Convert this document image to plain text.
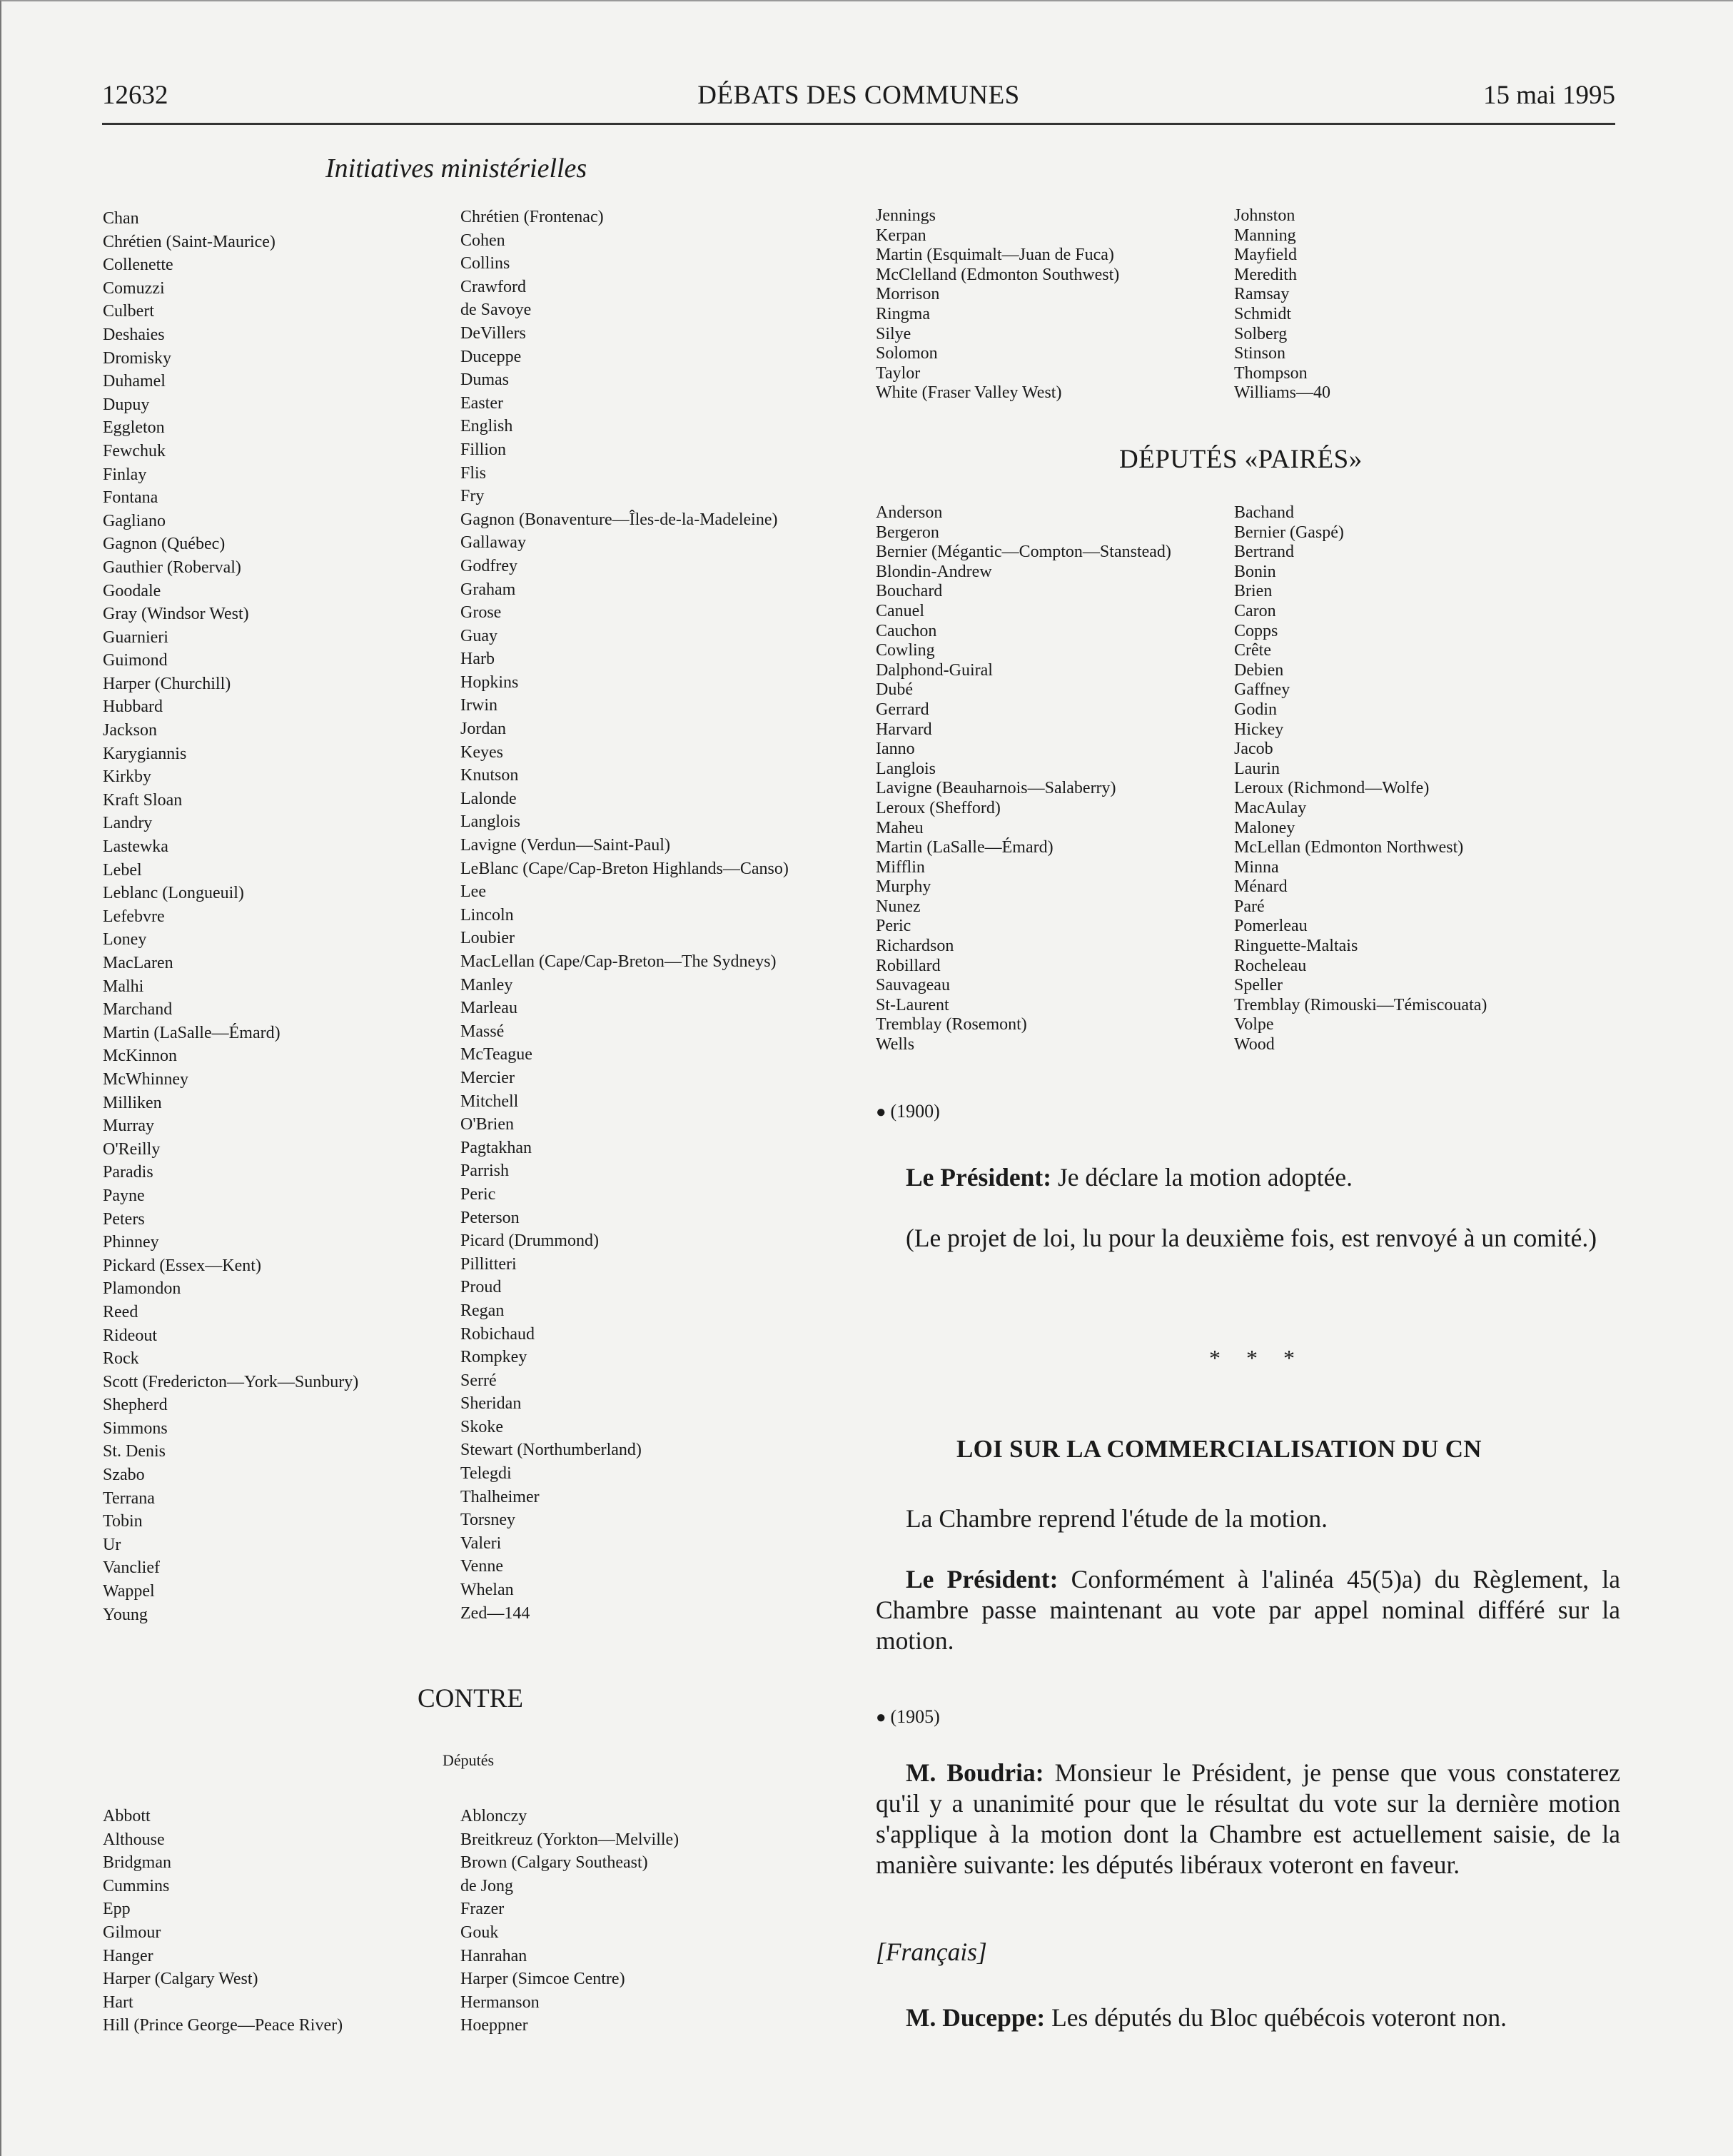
12632	DÉBATS DES COMMUNES	15 mai 1995
Initiatives ministérielles
Chan
Chrétien (Saint-Maurice)
Collenette
Comuzzi
Culbert
Deshaies
Dromisky
Duhamel
Dupuy
Eggleton
Fewchuk
Finlay
Fontana
Gagliano
Gagnon (Québec)
Gauthier (Roberval)
Goodale
Gray (Windsor West)
Guarnieri
Guimond
Harper (Churchill)
Hubbard
Jackson
Karygiannis
Kirkby
Kraft Sloan
Landry
Lastewka
Lebel
Leblanc (Longueuil)
Lefebvre
Loney
MacLaren
Malhi
Marchand
Martin (LaSalle—Émard)
McKinnon
McWhinney
Milliken
Murray
O'Reilly
Paradis
Payne
Peters
Phinney
Pickard (Essex—Kent)
Plamondon
Reed
Rideout
Rock
Scott (Fredericton—York—Sunbury)
Shepherd
Simmons
St. Denis
Szabo
Terrana
Tobin
Ur
Vanclief
Wappel
Young
Chrétien (Frontenac)
Cohen
Collins
Crawford
de Savoye
DeVillers
Duceppe
Dumas
Easter
English
Fillion
Flis
Fry
Gagnon (Bonaventure—Îles-de-la-Madeleine)
Gallaway
Godfrey
Graham
Grose
Guay
Harb
Hopkins
Irwin
Jordan
Keyes
Knutson
Lalonde
Langlois
Lavigne (Verdun—Saint-Paul)
LeBlanc (Cape/Cap-Breton Highlands—Canso)
Lee
Lincoln
Loubier
MacLellan (Cape/Cap-Breton—The Sydneys)
Manley
Marleau
Massé
McTeague
Mercier
Mitchell
O'Brien
Pagtakhan
Parrish
Peric
Peterson
Picard (Drummond)
Pillitteri
Proud
Regan
Robichaud
Rompkey
Serré
Sheridan
Skoke
Stewart (Northumberland)
Telegdi
Thalheimer
Torsney
Valeri
Venne
Whelan
Zed—144
CONTRE
Députés
Abbott
Althouse
Bridgman
Cummins
Epp
Gilmour
Hanger
Harper (Calgary West)
Hart
Hill (Prince George—Peace River)
Ablonczy
Breitkreuz (Yorkton—Melville)
Brown (Calgary Southeast)
de Jong
Frazer
Gouk
Hanrahan
Harper (Simcoe Centre)
Hermanson
Hoeppner
Jennings
Kerpan
Martin (Esquimalt—Juan de Fuca)
McClelland (Edmonton Southwest)
Morrison
Ringma
Silye
Solomon
Taylor
White (Fraser Valley West)
Johnston
Manning
Mayfield
Meredith
Ramsay
Schmidt
Solberg
Stinson
Thompson
Williams—40
DÉPUTÉS «PAIRÉS»
Anderson
Bergeron
Bernier (Mégantic—Compton—Stanstead)
Blondin-Andrew
Bouchard
Canuel
Cauchon
Cowling
Dalphond-Guiral
Dubé
Gerrard
Harvard
Ianno
Langlois
Lavigne (Beauharnois—Salaberry)
Leroux (Shefford)
Maheu
Martin (LaSalle—Émard)
Mifflin
Murphy
Nunez
Peric
Richardson
Robillard
Sauvageau
St-Laurent
Tremblay (Rosemont)
Wells
Bachand
Bernier (Gaspé)
Bertrand
Bonin
Brien
Caron
Copps
Crête
Debien
Gaffney
Godin
Hickey
Jacob
Laurin
Leroux (Richmond—Wolfe)
MacAulay
Maloney
McLellan (Edmonton Northwest)
Minna
Ménard
Paré
Pomerleau
Ringuette-Maltais
Rocheleau
Speller
Tremblay (Rimouski—Témiscouata)
Volpe
Wood
● (1900)

Le Président: Je déclare la motion adoptée.

(Le projet de loi, lu pour la deuxième fois, est renvoyé à un comité.)

* * *
LOI SUR LA COMMERCIALISATION DU CN

La Chambre reprend l'étude de la motion.

Le Président: Conformément à l'alinéa 45(5)a) du Règlement, la Chambre passe maintenant au vote par appel nominal différé sur la motion.

● (1905)

M. Boudria: Monsieur le Président, je pense que vous constaterez qu'il y a unanimité pour que le résultat du vote sur la dernière motion s'applique à la motion dont la Chambre est actuellement saisie, de la manière suivante: les députés libéraux voteront en faveur.

[Français]

M. Duceppe: Les députés du Bloc québécois voteront non.
